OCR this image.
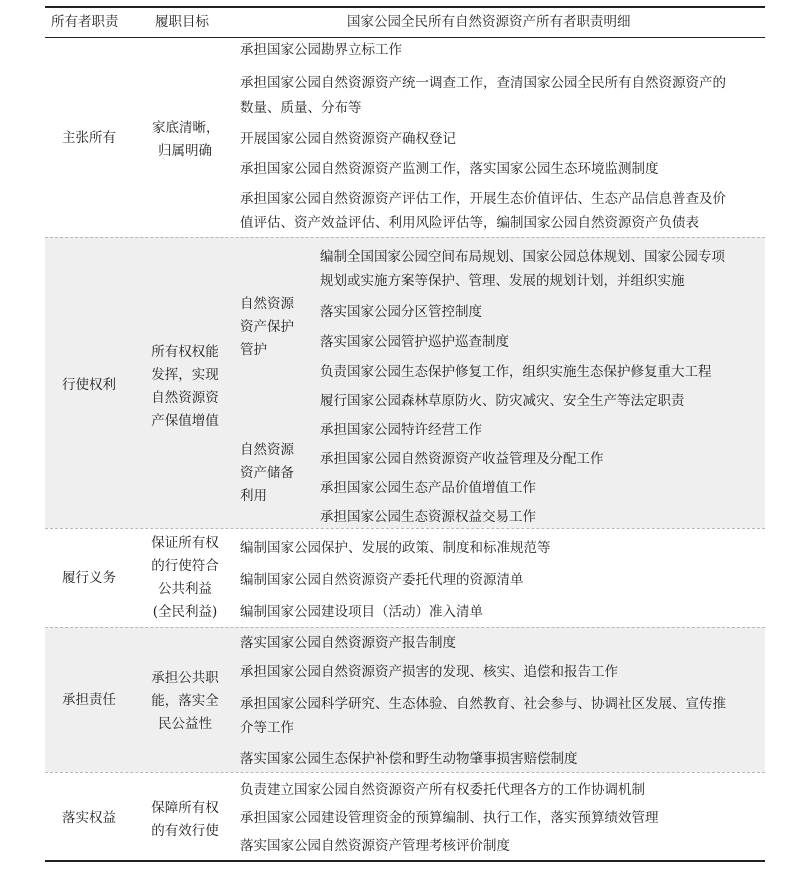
所有者职责	履职目标	国家公园全民所有自然资源资产所有者职责明细
主张所有
家底清晰，
归属明确
承担国家公园勘界立标工作
承担国家公园自然资源资产统一调查工作，查清国家公园全民所有自然资源资产的
数量、质量、分布等
开展国家公园自然资源资产确权登记
承担国家公园自然资源资产监测工作，落实国家公园生态环境监测制度
承担国家公园自然资源资产评估工作，开展生态价值评估、生态产品信息普查及价
值评估、资产效益评估、利用风险评估等，编制国家公园自然资源资产负债表
行使权利
所有权权能
发挥，实现
自然资源资
产保值增值
自然资源
资产保护
管护
编制全国国家公园空间布局规划、国家公园总体规划、国家公园专项
规划或实施方案等保护、管理、发展的规划计划，并组织实施
落实国家公园分区管控制度
落实国家公园管护巡护巡查制度
负责国家公园生态保护修复工作，组织实施生态保护修复重大工程
履行国家公园森林草原防火、防灾减灾、安全生产等法定职责
自然资源
资产储备
利用
承担国家公园特许经营工作
承担国家公园自然资源资产收益管理及分配工作
承担国家公园生态产品价值增值工作
承担国家公园生态资源权益交易工作
履行义务
保证所有权
的行使符合
公共利益
(全民利益)
编制国家公园保护、发展的政策、制度和标准规范等
编制国家公园自然资源资产委托代理的资源清单
编制国家公园建设项目（活动）准入清单
承担责任
承担公共职
能，落实全
民公益性
落实国家公园自然资源资产报告制度
承担国家公园自然资源资产损害的发现、核实、追偿和报告工作
承担国家公园科学研究、生态体验、自然教育、社会参与、协调社区发展、宣传推
介等工作
落实国家公园生态保护补偿和野生动物肇事损害赔偿制度
落实权益
保障所有权
的有效行使
负责建立国家公园自然资源资产所有权委托代理各方的工作协调机制
承担国家公园建设管理资金的预算编制、执行工作，落实预算绩效管理
落实国家公园自然资源资产管理考核评价制度
